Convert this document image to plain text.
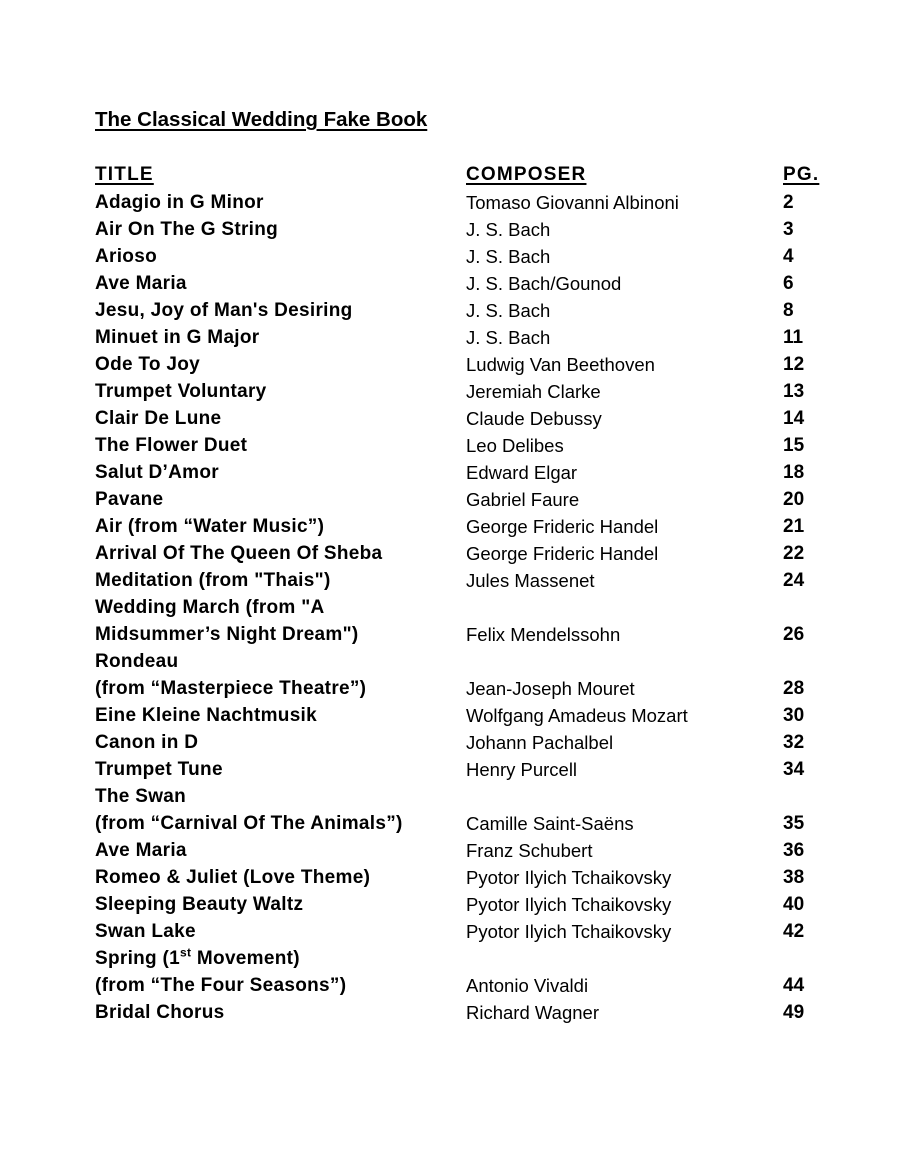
The Classical Wedding Fake Book
TITLE	COMPOSER	PG.
Adagio in G Minor	Tomaso Giovanni Albinoni	2
Air On The G String	J. S. Bach	3
Arioso	J. S. Bach	4
Ave Maria	J. S. Bach/Gounod	6
Jesu, Joy of Man's Desiring	J. S. Bach	8
Minuet in G Major	J. S. Bach	11
Ode To Joy	Ludwig Van Beethoven	12
Trumpet Voluntary	Jeremiah Clarke	13
Clair De Lune	Claude Debussy	14
The Flower Duet	Leo Delibes	15
Salut D’Amor	Edward Elgar	18
Pavane	Gabriel Faure	20
Air (from “Water Music”)	George Frideric Handel	21
Arrival Of The Queen Of Sheba	George Frideric Handel	22
Meditation (from "Thais")	Jules Massenet	24
Wedding March (from "A
Midsummer’s Night Dream")	Felix Mendelssohn	26
Rondeau
(from “Masterpiece Theatre”)	Jean-Joseph Mouret	28
Eine Kleine Nachtmusik	Wolfgang Amadeus Mozart	30
Canon in D	Johann Pachalbel	32
Trumpet Tune	Henry Purcell	34
The Swan
(from “Carnival Of The Animals”)	Camille Saint-Saëns	35
Ave Maria	Franz Schubert	36
Romeo & Juliet (Love Theme)	Pyotor Ilyich Tchaikovsky	38
Sleeping Beauty Waltz	Pyotor Ilyich Tchaikovsky	40
Swan Lake	Pyotor Ilyich Tchaikovsky	42
Spring (1st Movement)
(from “The Four Seasons”)	Antonio Vivaldi	44
Bridal Chorus	Richard Wagner	49
